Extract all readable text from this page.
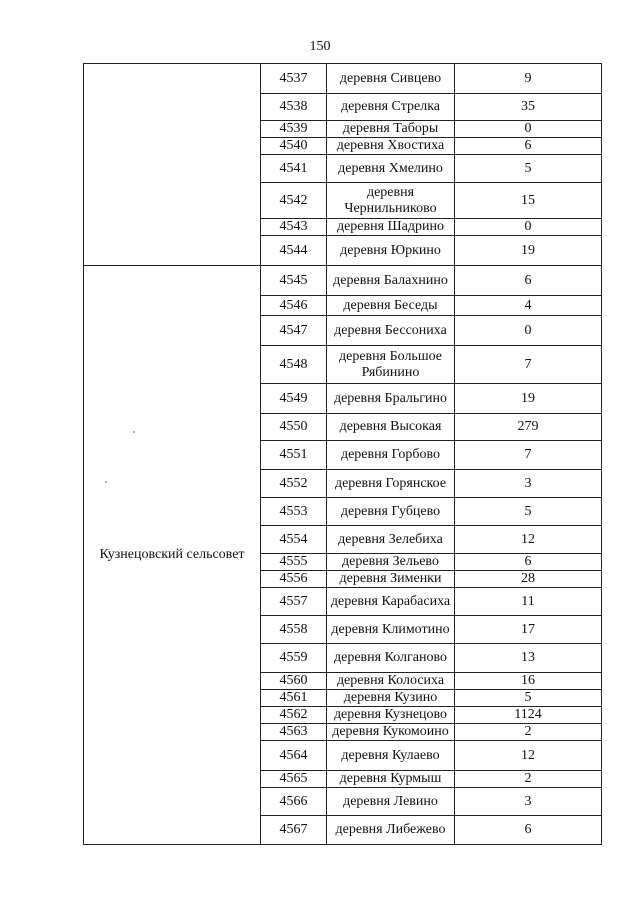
150
	4537	деревня Сивцево	9
	4538	деревня Стрелка	35
	4539	деревня Таборы	0
	4540	деревня Хвостиха	6
	4541	деревня Хмелино	5
	4542	деревня Чернильниково	15
	4543	деревня Шадрино	0
	4544	деревня Юркино	19
Кузнецовский сельсовет	4545	деревня Балахнино	6
	4546	деревня Беседы	4
	4547	деревня Бессониха	0
	4548	деревня Большое Рябинино	7
	4549	деревня Бральгино	19
	4550	деревня Высокая	279
	4551	деревня Горбово	7
	4552	деревня Горянское	3
	4553	деревня Губцево	5
	4554	деревня Зелебиха	12
	4555	деревня Зельево	6
	4556	деревня Зименки	28
	4557	деревня Карабасиха	11
	4558	деревня Климотино	17
	4559	деревня Колганово	13
	4560	деревня Колосиха	16
	4561	деревня Кузино	5
	4562	деревня Кузнецово	1124
	4563	деревня Кукомоино	2
	4564	деревня Кулаево	12
	4565	деревня Курмыш	2
	4566	деревня Левино	3
	4567	деревня Либежево	6
